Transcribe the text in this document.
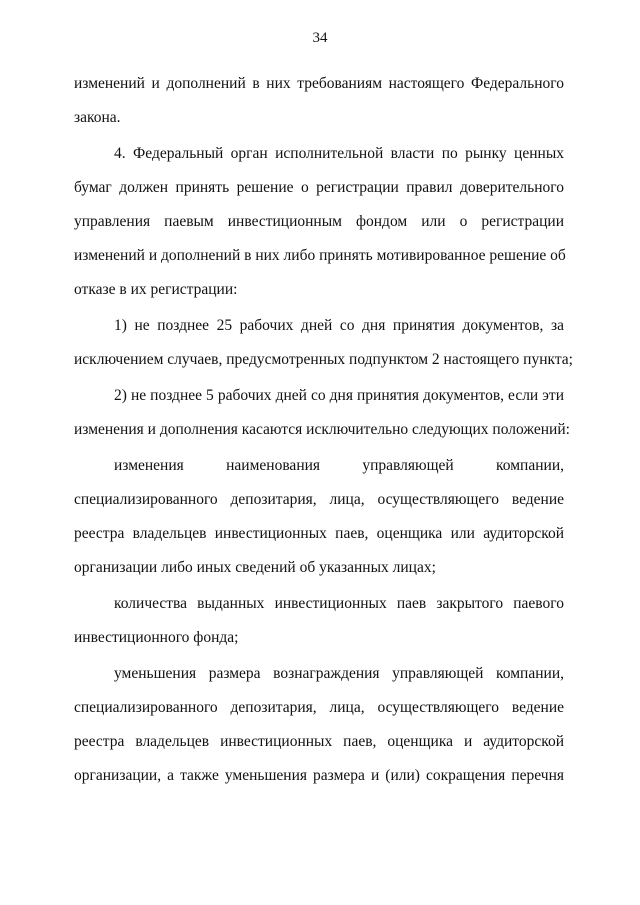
34
изменений и дополнений в них требованиям настоящего Федерального
закона.
4. Федеральный орган исполнительной власти по рынку ценных
бумаг должен принять решение о регистрации правил доверительного
управления паевым инвестиционным фондом или о регистрации
изменений и дополнений в них либо принять мотивированное решение об
отказе в их регистрации:
1) не позднее 25 рабочих дней со дня принятия документов, за
исключением случаев, предусмотренных подпунктом 2 настоящего пункта;
2) не позднее 5 рабочих дней со дня принятия документов, если эти
изменения и дополнения касаются исключительно следующих положений:
изменения наименования управляющей компании,
специализированного депозитария, лица, осуществляющего ведение
реестра владельцев инвестиционных паев, оценщика или аудиторской
организации либо иных сведений об указанных лицах;
количества выданных инвестиционных паев закрытого паевого
инвестиционного фонда;
уменьшения размера вознаграждения управляющей компании,
специализированного депозитария, лица, осуществляющего ведение
реестра владельцев инвестиционных паев, оценщика и аудиторской
организации, а также уменьшения размера и (или) сокращения перечня
